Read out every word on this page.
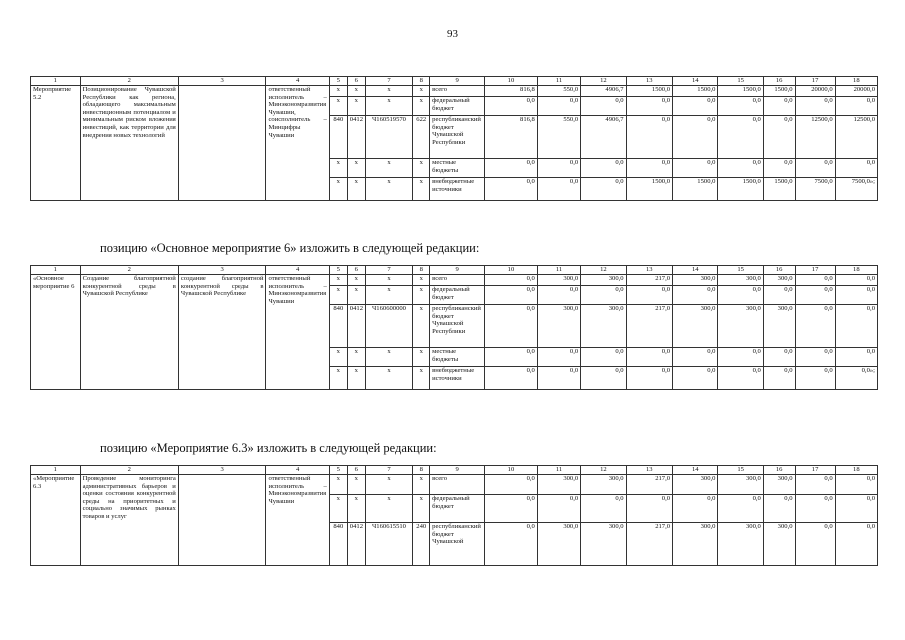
93
1	2	3	4	5	6	7	8	9	10	11	12	13	14	15	16	17	18
Мероприятие 5.2	Позиционирование Чувашской Республики как региона, обладающего максимальным инвестиционным потенциалом и минимальным риском вложения инвестиций, как территории для внедрения новых технологий		ответственный исполнитель – Минэкономразвития Чувашии, соисполнитель – Минцифры Чувашии	x	x	x	x	всего	816,8	550,0	4906,7	1500,0	1500,0	1500,0	1500,0	20000,0	20000,0
				x	x	x	x	федеральный бюджет	0,0	0,0	0,0	0,0	0,0	0,0	0,0	0,0	0,0
				840	0412	Ч160519570	622	республиканский бюджет Чувашской Республики	816,8	550,0	4906,7	0,0	0,0	0,0	0,0	12500,0	12500,0
				x	x	x	x	местные бюджеты	0,0	0,0	0,0	0,0	0,0	0,0	0,0	0,0	0,0
				x	x	x	x	внебюджетные источники	0,0	0,0	0,0	1500,0	1500,0	1500,0	1500,0	7500,0	7500,0»;
позицию «Основное мероприятие 6» изложить в следующей редакции:
1	2	3	4	5	6	7	8	9	10	11	12	13	14	15	16	17	18
«Основное мероприятие 6	Создание благоприятной конкурентной среды в Чувашской Республике	создание благоприятной конкурентной среды в Чувашской Республике	ответственный исполнитель – Минэкономразвития Чувашии	x	x	x	x	всего	0,0	300,0	300,0	217,0	300,0	300,0	300,0	0,0	0,0
				x	x	x	x	федеральный бюджет	0,0	0,0	0,0	0,0	0,0	0,0	0,0	0,0	0,0
				840	0412	Ч160600000	x	республиканский бюджет Чувашской Республики	0,0	300,0	300,0	217,0	300,0	300,0	300,0	0,0	0,0
				x	x	x	x	местные бюджеты	0,0	0,0	0,0	0,0	0,0	0,0	0,0	0,0	0,0
				x	x	x	x	внебюджетные источники	0,0	0,0	0,0	0,0	0,0	0,0	0,0	0,0	0,0»;
позицию «Мероприятие 6.3» изложить в следующей редакции:
1	2	3	4	5	6	7	8	9	10	11	12	13	14	15	16	17	18
«Мероприятие 6.3	Проведение мониторинга административных барьеров и оценки состояния конкурентной среды на приоритетных и социально значимых рынках товаров и услуг		ответственный исполнитель – Минэкономразвития Чувашии	x	x	x	x	всего	0,0	300,0	300,0	217,0	300,0	300,0	300,0	0,0	0,0
				x	x	x	x	федеральный бюджет	0,0	0,0	0,0	0,0	0,0	0,0	0,0	0,0	0,0
				840	0412	Ч160615510	240	республиканский бюджет Чувашской	0,0	300,0	300,0	217,0	300,0	300,0	300,0	0,0	0,0
